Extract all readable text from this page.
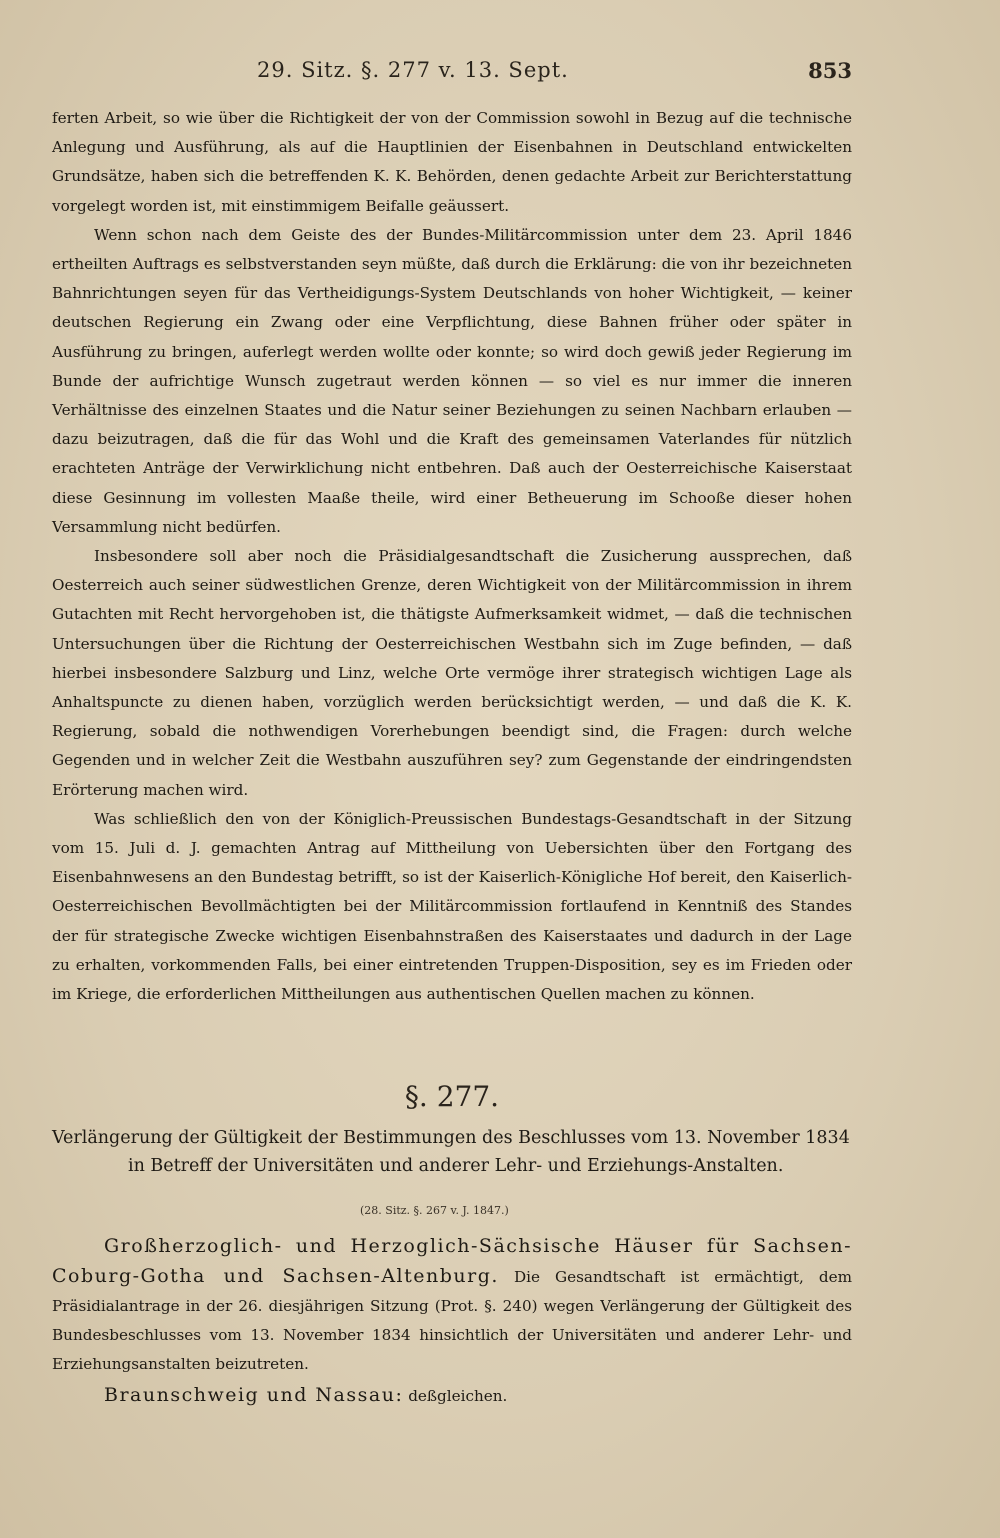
29. Sitz. §. 277 v. 13. Sept.	853

ferten Arbeit, so wie über die Richtigkeit der von der Commission sowohl in Bezug auf die technische Anlegung und Ausführung, als auf die Hauptlinien der Eisenbahnen in Deutschland entwickelten Grundsätze, haben sich die betreffenden K. K. Behörden, denen gedachte Arbeit zur Berichterstattung vorgelegt worden ist, mit einstimmigem Beifalle geäussert.

Wenn schon nach dem Geiste des der Bundes-Militärcommission unter dem 23. April 1846 ertheilten Auftrags es selbstverstanden seyn müßte, daß durch die Erklärung: die von ihr bezeichneten Bahnrichtungen seyen für das Vertheidigungs-System Deutschlands von hoher Wichtigkeit, — keiner deutschen Regierung ein Zwang oder eine Verpflichtung, diese Bahnen früher oder später in Ausführung zu bringen, auferlegt werden wollte oder konnte; so wird doch gewiß jeder Regierung im Bunde der aufrichtige Wunsch zugetraut werden können — so viel es nur immer die inneren Verhältnisse des einzelnen Staates und die Natur seiner Beziehungen zu seinen Nachbarn erlauben — dazu beizutragen, daß die für das Wohl und die Kraft des gemeinsamen Vaterlandes für nützlich erachteten Anträge der Verwirklichung nicht entbehren. Daß auch der Oesterreichische Kaiserstaat diese Gesinnung im vollesten Maaße theile, wird einer Betheuerung im Schooße dieser hohen Versammlung nicht bedürfen.

Insbesondere soll aber noch die Präsidialgesandtschaft die Zusicherung aussprechen, daß Oesterreich auch seiner südwestlichen Grenze, deren Wichtigkeit von der Militärcommission in ihrem Gutachten mit Recht hervorgehoben ist, die thätigste Aufmerksamkeit widmet, — daß die technischen Untersuchungen über die Richtung der Oesterreichischen Westbahn sich im Zuge befinden, — daß hierbei insbesondere Salzburg und Linz, welche Orte vermöge ihrer strategisch wichtigen Lage als Anhaltspuncte zu dienen haben, vorzüglich werden berücksichtigt werden, — und daß die K. K. Regierung, sobald die nothwendigen Vorerhebungen beendigt sind, die Fragen: durch welche Gegenden und in welcher Zeit die Westbahn auszuführen sey? zum Gegenstande der eindringendsten Erörterung machen wird.

Was schließlich den von der Königlich-Preussischen Bundestags-Gesandtschaft in der Sitzung vom 15. Juli d. J. gemachten Antrag auf Mittheilung von Uebersichten über den Fortgang des Eisenbahnwesens an den Bundestag betrifft, so ist der Kaiserlich-Königliche Hof bereit, den Kaiserlich-Oesterreichischen Bevollmächtigten bei der Militärcommission fortlaufend in Kenntniß des Standes der für strategische Zwecke wichtigen Eisenbahnstraßen des Kaiserstaates und dadurch in der Lage zu erhalten, vorkommenden Falls, bei einer eintretenden Truppen-Disposition, sey es im Frieden oder im Kriege, die erforderlichen Mittheilungen aus authentischen Quellen machen zu können.

§. 277.
Verlängerung der Gültigkeit der Bestimmungen des Beschlusses vom 13. November 1834 in Betreff der Universitäten und anderer Lehr- und Erziehungs-Anstalten.
(28. Sitz. §. 267 v. J. 1847.)

Großherzoglich- und Herzoglich-Sächsische Häuser für Sachsen-Coburg-Gotha und Sachsen-Altenburg. Die Gesandtschaft ist ermächtigt, dem Präsidialantrage in der 26. diesjährigen Sitzung (Prot. §. 240) wegen Verlängerung der Gültigkeit des Bundesbeschlusses vom 13. November 1834 hinsichtlich der Universitäten und anderer Lehr- und Erziehungsanstalten beizutreten.

Braunschweig und Nassau: deßgleichen.
